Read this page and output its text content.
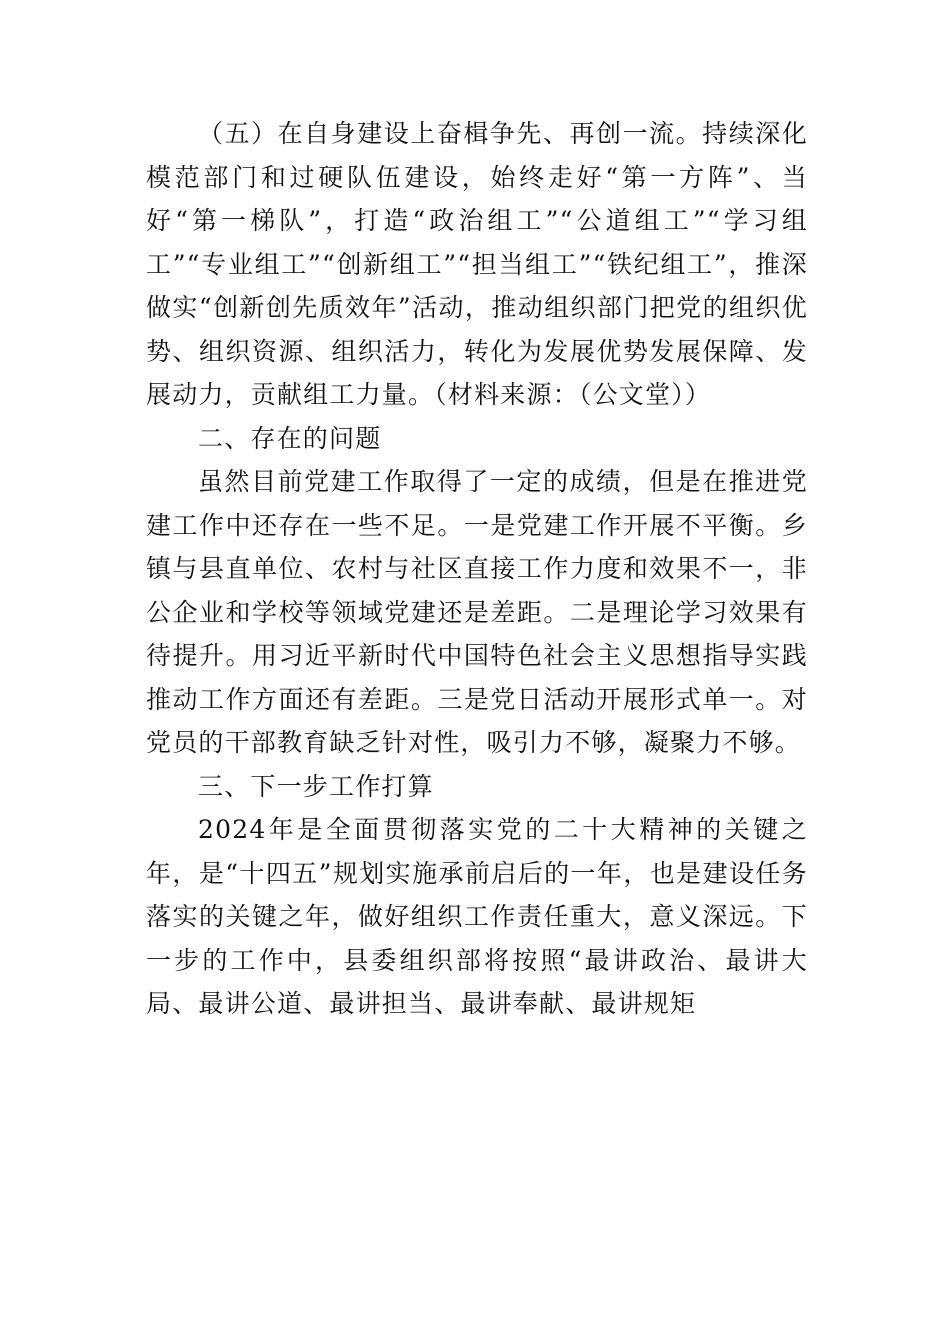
（五）在自身建设上奋楫争先、再创一流。持续深化模范部门和过硬队伍建设，始终走好“第一方阵”、当好“第一梯队”，打造“政治组工”“公道组工”“学习组工”“专业组工”“创新组工”“担当组工”“铁纪组工”，推深做实“创新创先质效年”活动，推动组织部门把党的组织优势、组织资源、组织活力，转化为发展优势发展保障、发展动力，贡献组工力量。（材料来源：（公文堂））

二、存在的问题

虽然目前党建工作取得了一定的成绩，但是在推进党建工作中还存在一些不足。一是党建工作开展不平衡。乡镇与县直单位、农村与社区直接工作力度和效果不一，非公企业和学校等领域党建还是差距。二是理论学习效果有待提升。用习近平新时代中国特色社会主义思想指导实践推动工作方面还有差距。三是党日活动开展形式单一。对党员的干部教育缺乏针对性，吸引力不够，凝聚力不够。

三、下一步工作打算

2024年是全面贯彻落实党的二十大精神的关键之年，是“十四五”规划实施承前启后的一年，也是建设任务落实的关键之年，做好组织工作责任重大，意义深远。下一步的工作中，县委组织部将按照“最讲政治、最讲大局、最讲公道、最讲担当、最讲奉献、最讲规矩
